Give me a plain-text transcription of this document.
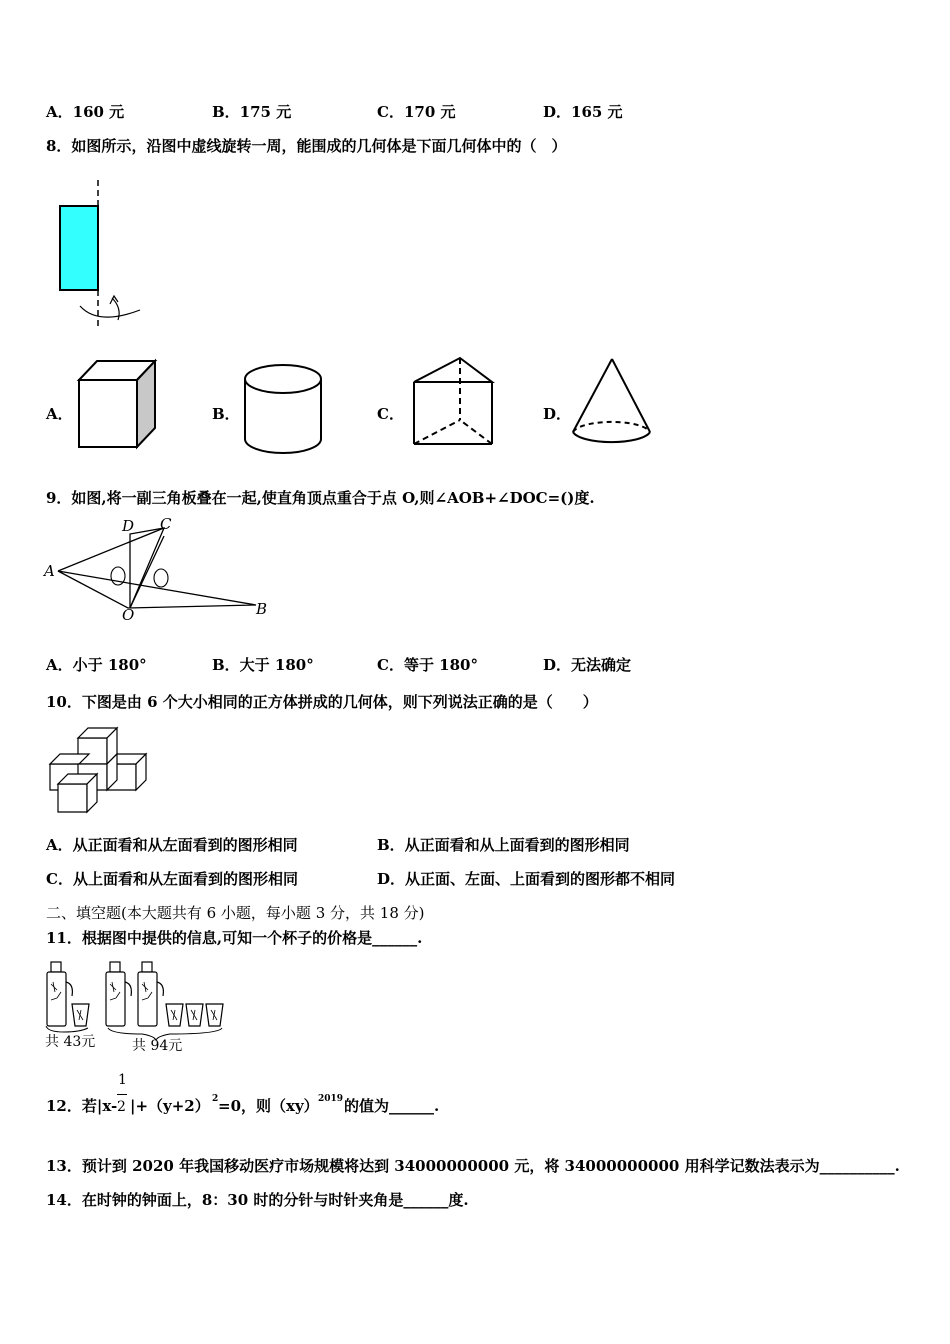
A．160 元	B．175 元	C．170 元	D．165 元
8．如图所示，沿图中虚线旋转一周，能围成的几何体是下面几何体中的（　）
A．	B．	C．	D．
9．如图,将一副三角板叠在一起,使直角顶点重合于点 O,则∠AOB+∠DOC=()度.
A
D C
O	B
A．小于 180°	B．大于 180°	C．等于 180°	D．无法确定
10．下图是由 6 个大小相同的正方体拼成的几何体，则下列说法正确的是（　　）
A．从正面看和从左面看到的图形相同	B．从正面看和从上面看到的图形相同
C．从上面看和从左面看到的图形相同	D．从正面、左面、上面看到的图形都不相同
二、填空题(本大题共有 6 小题，每小题 3 分，共 18 分)
11．根据图中提供的信息,可知一个杯子的价格是______.
共 43元	共 94元
12．若|x-
1
2 |+（y+2） 2 =0，则（xy） 2019 的值为______.
13．预计到 2020 年我国移动医疗市场规模将达到 34000000000 元，将 34000000000 用科学记数法表示为__________.
14．在时钟的钟面上，8：30 时的分针与时针夹角是______度.
